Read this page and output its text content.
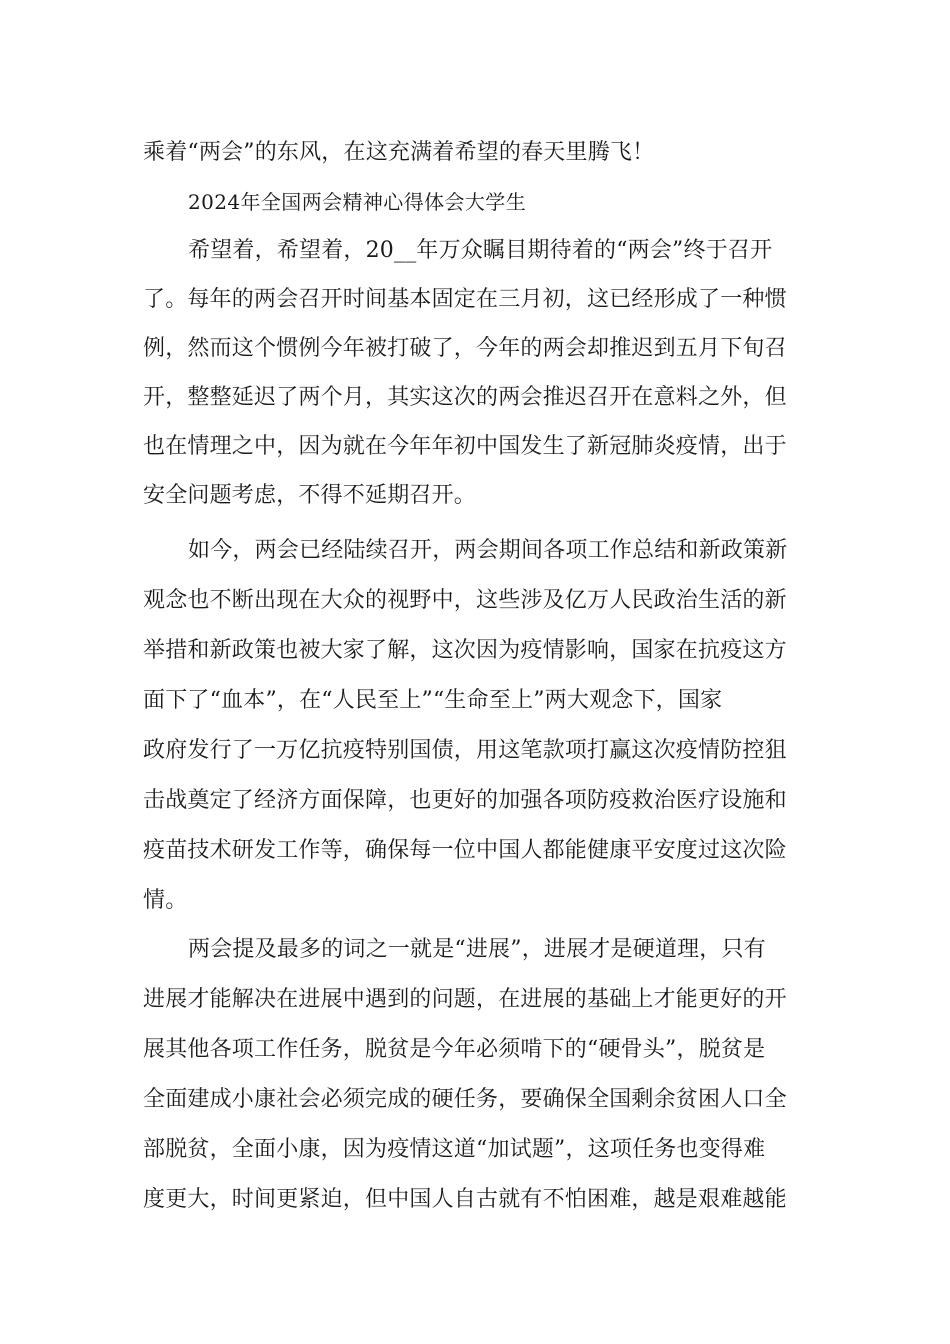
乘着“两会”的东风，在这充满着希望的春天里腾飞！
2024年全国两会精神心得体会大学生
希望着，希望着，20__年万众瞩目期待着的“两会”终于召开
了。每年的两会召开时间基本固定在三月初，这已经形成了一种惯
例，然而这个惯例今年被打破了，今年的两会却推迟到五月下旬召
开，整整延迟了两个月，其实这次的两会推迟召开在意料之外，但
也在情理之中，因为就在今年年初中国发生了新冠肺炎疫情，出于
安全问题考虑，不得不延期召开。
如今，两会已经陆续召开，两会期间各项工作总结和新政策新
观念也不断出现在大众的视野中，这些涉及亿万人民政治生活的新
举措和新政策也被大家了解，这次因为疫情影响，国家在抗疫这方
面下了“血本”，在“人民至上”“生命至上”两大观念下，国家
政府发行了一万亿抗疫特别国债，用这笔款项打赢这次疫情防控狙
击战奠定了经济方面保障，也更好的加强各项防疫救治医疗设施和
疫苗技术研发工作等，确保每一位中国人都能健康平安度过这次险
情。
两会提及最多的词之一就是“进展”，进展才是硬道理，只有
进展才能解决在进展中遇到的问题，在进展的基础上才能更好的开
展其他各项工作任务，脱贫是今年必须啃下的“硬骨头”，脱贫是
全面建成小康社会必须完成的硬任务，要确保全国剩余贫困人口全
部脱贫，全面小康，因为疫情这道“加试题”，这项任务也变得难
度更大，时间更紧迫，但中国人自古就有不怕困难，越是艰难越能
